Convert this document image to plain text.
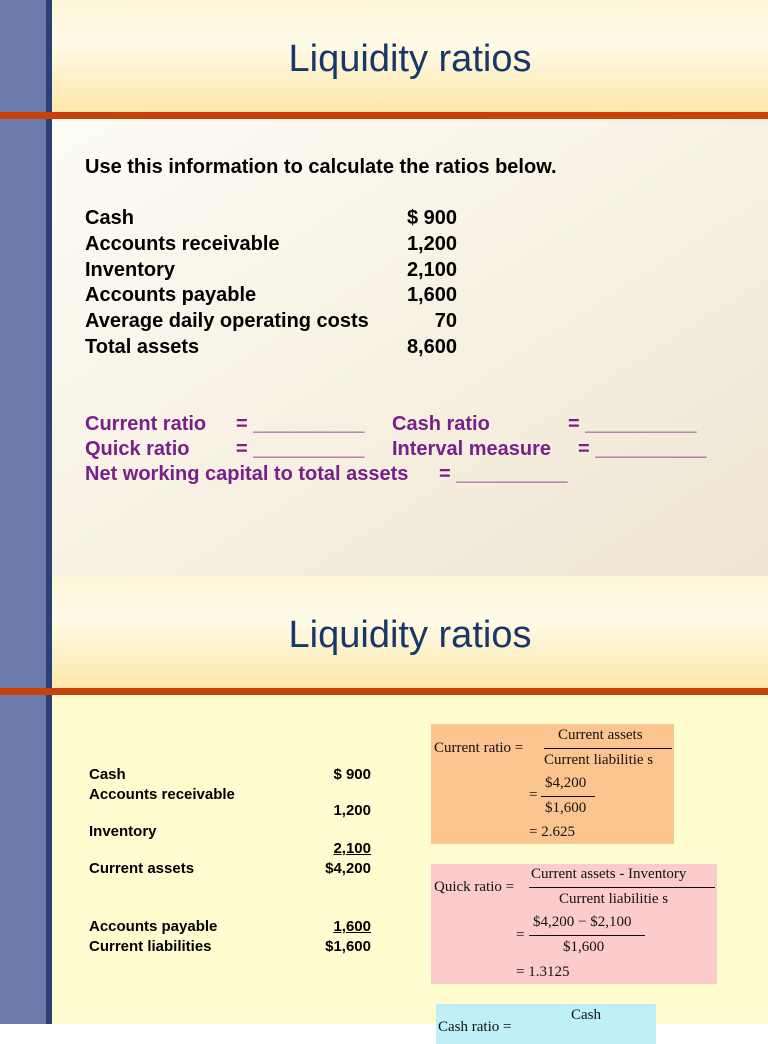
Liquidity ratios
Use this information to calculate the ratios below.
Cash	$ 900
Accounts receivable	1,200
Inventory	2,100
Accounts payable	1,600
Average daily operating costs	70
Total assets	8,600
Current ratio = __________ Cash ratio	= __________
Quick ratio = __________ Interval measure = __________
Net working capital to total assets = __________
Liquidity ratios
Cash	$ 900
Accounts receivable
1,200
Inventory
2,100
Current assets	$4,200
Accounts payable	1,600
Current liabilities	$1,600
Current ratio =
Current assets
Current liabilitie s
=
$4,200
$1,600
= 2.625
Quick ratio =
Current assets - Inventory
Current liabilitie s
=
$4,200 − $2,100
$1,600
= 1.3125
Cash ratio =
Cash
